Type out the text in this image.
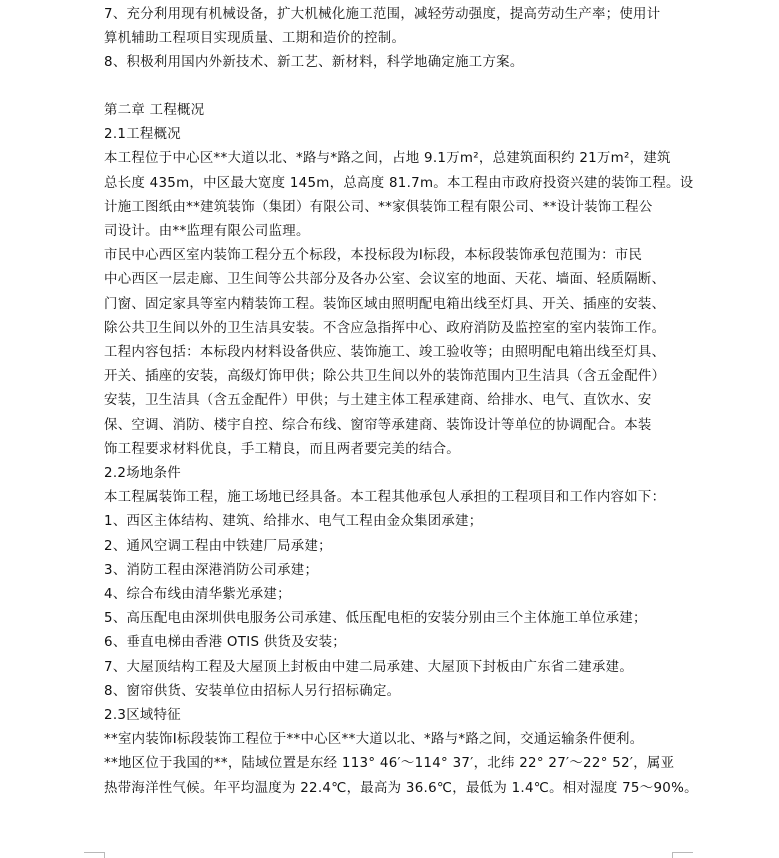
7、充分利用现有机械设备，扩大机械化施工范围，减轻劳动强度，提高劳动生产率；使用计
算机辅助工程项目实现质量、工期和造价的控制。
8、积极利用国内外新技术、新工艺、新材料，科学地确定施工方案。
第二章 工程概况
2.1工程概况
本工程位于中心区**大道以北、*路与*路之间，占地 9.1万m²，总建筑面积约 21万m²，建筑
总长度 435m，中区最大宽度 145m，总高度 81.7m。本工程由市政府投资兴建的装饰工程。设
计施工图纸由**建筑装饰（集团）有限公司、**家俱装饰工程有限公司、**设计装饰工程公
司设计。由**监理有限公司监理。
市民中心西区室内装饰工程分五个标段，本投标段为Ⅰ标段，本标段装饰承包范围为：市民
中心西区一层走廊、卫生间等公共部分及各办公室、会议室的地面、天花、墙面、轻质隔断、
门窗、固定家具等室内精装饰工程。装饰区域由照明配电箱出线至灯具、开关、插座的安装、
除公共卫生间以外的卫生洁具安装。不含应急指挥中心、政府消防及监控室的室内装饰工作。
工程内容包括：本标段内材料设备供应、装饰施工、竣工验收等；由照明配电箱出线至灯具、
开关、插座的安装，高级灯饰甲供；除公共卫生间以外的装饰范围内卫生洁具（含五金配件）
安装，卫生洁具（含五金配件）甲供；与土建主体工程承建商、给排水、电气、直饮水、安
保、空调、消防、楼宇自控、综合布线、窗帘等承建商、装饰设计等单位的协调配合。本装
饰工程要求材料优良，手工精良，而且两者要完美的结合。
2.2场地条件
本工程属装饰工程，施工场地已经具备。本工程其他承包人承担的工程项目和工作内容如下：
1、西区主体结构、建筑、给排水、电气工程由金众集团承建；
2、通风空调工程由中铁建厂局承建；
3、消防工程由深港消防公司承建；
4、综合布线由清华紫光承建；
5、高压配电由深圳供电服务公司承建、低压配电柜的安装分别由三个主体施工单位承建；
6、垂直电梯由香港 OTIS 供货及安装；
7、大屋顶结构工程及大屋顶上封板由中建二局承建、大屋顶下封板由广东省二建承建。
8、窗帘供货、安装单位由招标人另行招标确定。
2.3区域特征
**室内装饰Ⅰ标段装饰工程位于**中心区**大道以北、*路与*路之间，交通运输条件便利。
**地区位于我国的**，陆域位置是东经 113° 46′～114° 37′，北纬 22° 27′～22° 52′，属亚
热带海洋性气候。年平均温度为 22.4℃，最高为 36.6℃，最低为 1.4℃。相对湿度 75～90%。
